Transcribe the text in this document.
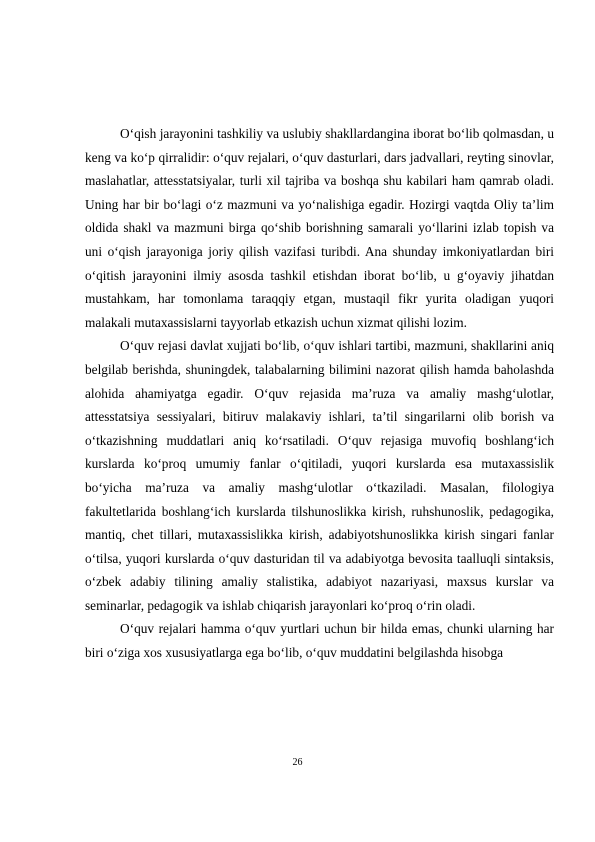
O‘qish jarayonini tashkiliy va uslubiy shakllardangina iborat bo‘lib qolmasdan, u keng va ko‘p qirralidir: o‘quv rejalari, o‘quv dasturlari, dars jadvallari, reyting sinovlar, maslahatlar, attesstatsiyalar, turli xil tajriba va boshqa shu kabilari ham qamrab oladi. Uning har bir bo‘lagi o‘z mazmuni va yo‘nalishiga egadir. Hozirgi vaqtda Oliy ta’lim oldida shakl va mazmuni birga qo‘shib borishning samarali yo‘llarini izlab topish va uni o‘qish jarayoniga joriy qilish vazifasi turibdi. Ana shunday imkoniyatlardan biri o‘qitish jarayonini ilmiy asosda tashkil etishdan iborat bo‘lib, u g‘oyaviy jihatdan mustahkam, har tomonlama taraqqiy etgan, mustaqil fikr yurita oladigan yuqori malakali mutaxassislarni tayyorlab etkazish uchun xizmat qilishi lozim.

O‘quv rejasi davlat xujjati bo‘lib, o‘quv ishlari tartibi, mazmuni, shakllarini aniq belgilab berishda, shuningdek, talabalarning bilimini nazorat qilish hamda baholashda alohida ahamiyatga egadir. O‘quv rejasida ma’ruza va amaliy mashg‘ulotlar, attesstatsiya sessiyalari, bitiruv malakaviy ishlari, ta’til singarilarni olib borish va o‘tkazishning muddatlari aniq ko‘rsatiladi. O‘quv rejasiga muvofiq boshlang‘ich kurslarda ko‘proq umumiy fanlar o‘qitiladi, yuqori kurslarda esa mutaxassislik bo‘yicha ma’ruza va amaliy mashg‘ulotlar o‘tkaziladi. Masalan, filologiya fakultetlarida boshlang‘ich kurslarda tilshunoslikka kirish, ruhshunoslik, pedagogika, mantiq, chet tillari, mutaxassislikka kirish, adabiyotshunoslikka kirish singari fanlar o‘tilsa, yuqori kurslarda o‘quv dasturidan til va adabiyotga bevosita taalluqli sintaksis, o‘zbek adabiy tilining amaliy stalistika, adabiyot nazariyasi, maxsus kurslar va seminarlar, pedagogik va ishlab chiqarish jarayonlari ko‘proq o‘rin oladi.

O‘quv rejalari hamma o‘quv yurtlari uchun bir hilda emas, chunki ularning har biri o‘ziga xos xususiyatlarga ega bo‘lib, o‘quv muddatini belgilashda hisobga

26
